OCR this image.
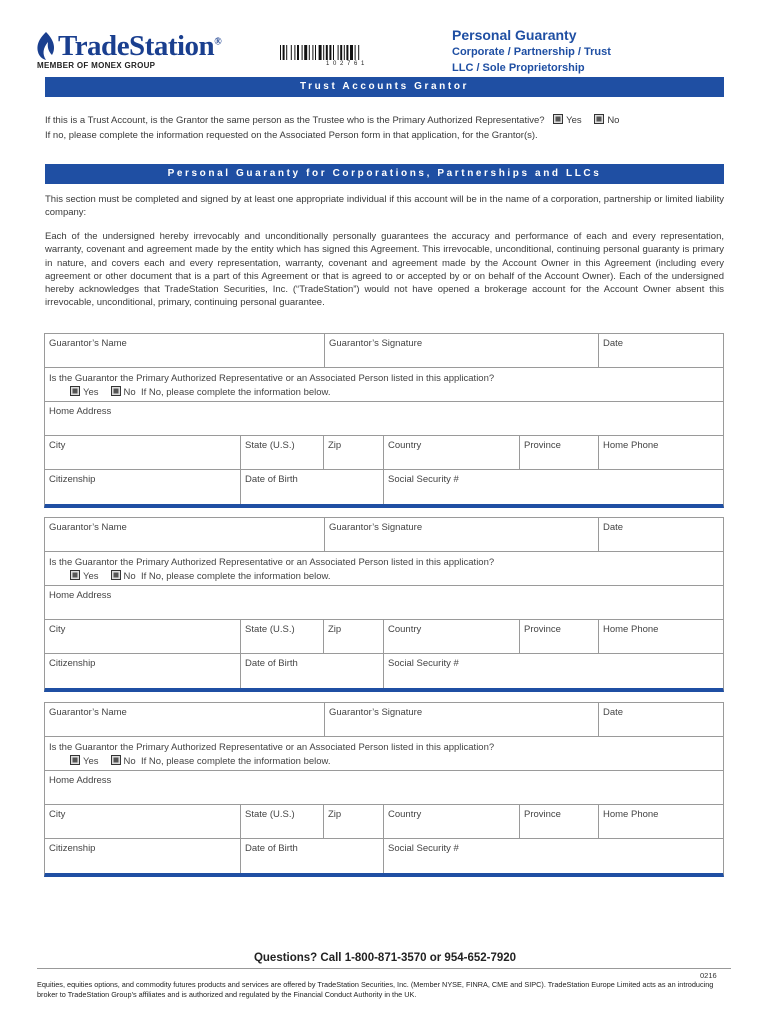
TradeStation®
MEMBER OF MONEX GROUP	1 0 2 7 6 1
Personal Guaranty
Corporate / Partnership / Trust
LLC / Sole Proprietorship
Trust Accounts Grantor
If this is a Trust Account, is the Grantor the same person as the Trustee who is the Primary Authorized Representative? Yes	No
If no, please complete the information requested on the Associated Person form in that application, for the Grantor(s).
Personal Guaranty for Corporations, Partnerships and LLCs
This section must be completed and signed by at least one appropriate individual if this account will be in the name of a corporation, partnership or limited liability company:
Each of the undersigned hereby irrevocably and unconditionally personally guarantees the accuracy and performance of each and every representation, warranty, covenant and agreement made by the entity which has signed this Agreement. This irrevocable, unconditional, continuing personal guaranty is primary in nature, and covers each and every representation, warranty, covenant and agreement made by the Account Owner in this Agreement (including every agreement or other document that is a part of this Agreement or that is agreed to or accepted by or on behalf of the Account Owner). Each of the undersigned hereby acknowledges that TradeStation Securities, Inc. (“TradeStation”) would not have opened a brokerage account for the Account Owner absent this irrevocable, unconditional, primary, continuing personal guarantee.
Guarantor’s Name	Guarantor’s Signature	Date
Is the Guarantor the Primary Authorized Representative or an Associated Person listed in this application?
Yes	No If No, please complete the information below.
Home Address
City	State (U.S.)	Zip	Country	Province	Home Phone
Citizenship	Date of Birth	Social Security #
Guarantor’s Name	Guarantor’s Signature	Date
Is the Guarantor the Primary Authorized Representative or an Associated Person listed in this application?
Yes	No If No, please complete the information below.
Home Address
City	State (U.S.)	Zip	Country	Province	Home Phone
Citizenship	Date of Birth	Social Security #
Guarantor’s Name	Guarantor’s Signature	Date
Is the Guarantor the Primary Authorized Representative or an Associated Person listed in this application?
Yes	No If No, please complete the information below.
Home Address
City	State (U.S.)	Zip	Country	Province	Home Phone
Citizenship	Date of Birth	Social Security #
Questions? Call 1-800-871-3570 or 954-652-7920
0216
Equities, equities options, and commodity futures products and services are offered by TradeStation Securities, Inc. (Member NYSE, FINRA, CME and SIPC). TradeStation Europe Limited acts as an introducing broker to TradeStation Group’s affiliates and is authorized and regulated by the Financial Conduct Authority in the UK.
